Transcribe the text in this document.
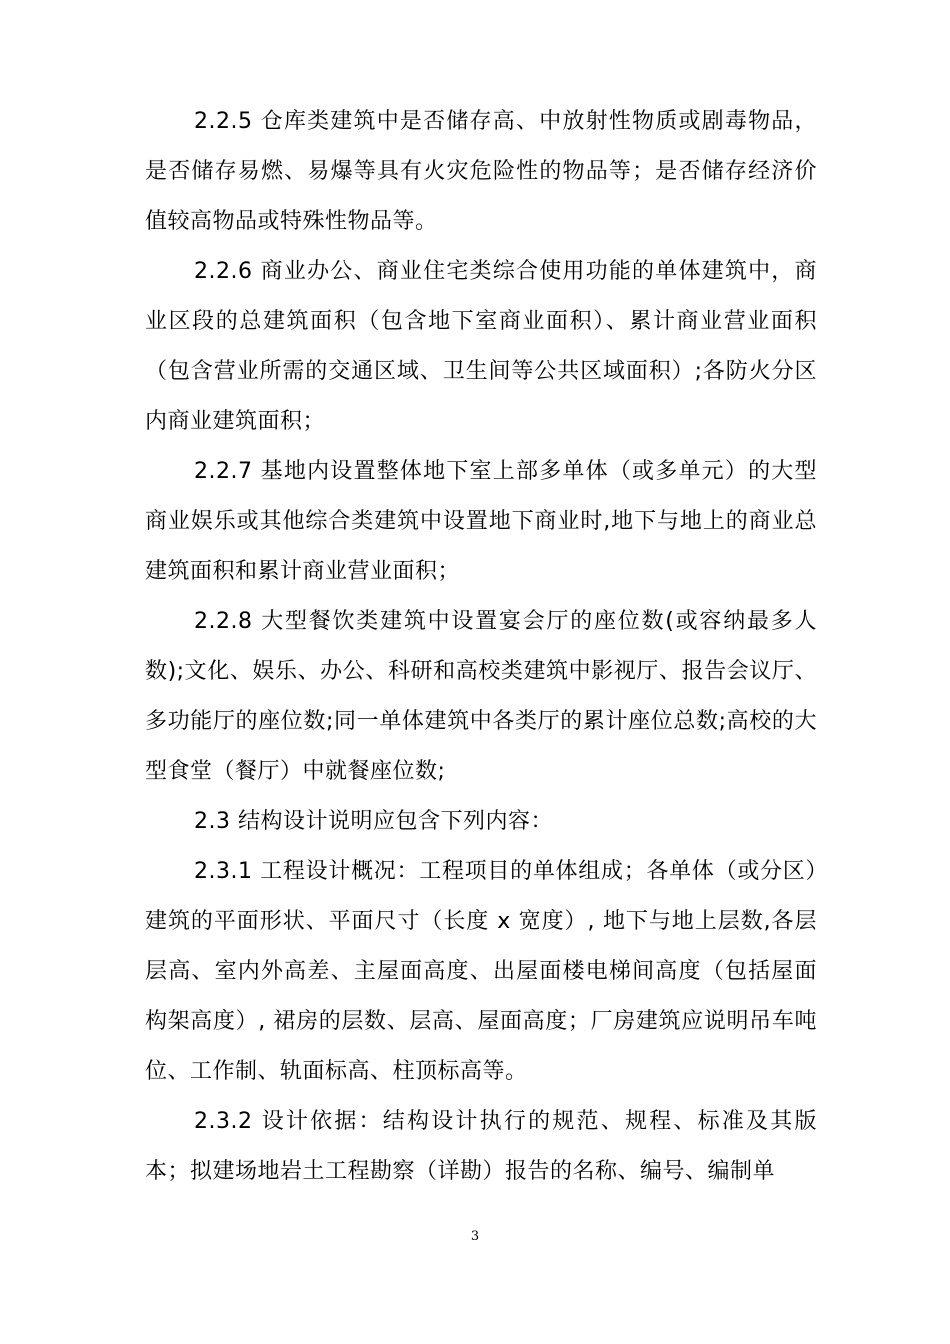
2.2.5 仓库类建筑中是否储存高、中放射性物质或剧毒物品，是否储存易燃、易爆等具有火灾危险性的物品等；是否储存经济价值较高物品或特殊性物品等。

2.2.6 商业办公、商业住宅类综合使用功能的单体建筑中，商业区段的总建筑面积（包含地下室商业面积）、累计商业营业面积（包含营业所需的交通区域、卫生间等公共区域面积）;各防火分区内商业建筑面积；

2.2.7 基地内设置整体地下室上部多单体（或多单元）的大型商业娱乐或其他综合类建筑中设置地下商业时,地下与地上的商业总建筑面积和累计商业营业面积；

2.2.8 大型餐饮类建筑中设置宴会厅的座位数(或容纳最多人数);文化、娱乐、办公、科研和高校类建筑中影视厅、报告会议厅、多功能厅的座位数;同一单体建筑中各类厅的累计座位总数;高校的大型食堂（餐厅）中就餐座位数;

2.3 结构设计说明应包含下列内容：

2.3.1 工程设计概况：工程项目的单体组成；各单体（或分区）建筑的平面形状、平面尺寸（长度 x 宽度）, 地下与地上层数,各层层高、室内外高差、主屋面高度、出屋面楼电梯间高度（包括屋面构架高度）, 裙房的层数、层高、屋面高度；厂房建筑应说明吊车吨位、工作制、轨面标高、柱顶标高等。

2.3.2 设计依据：结构设计执行的规范、规程、标准及其版本；拟建场地岩土工程勘察（详勘）报告的名称、编号、编制单

3
